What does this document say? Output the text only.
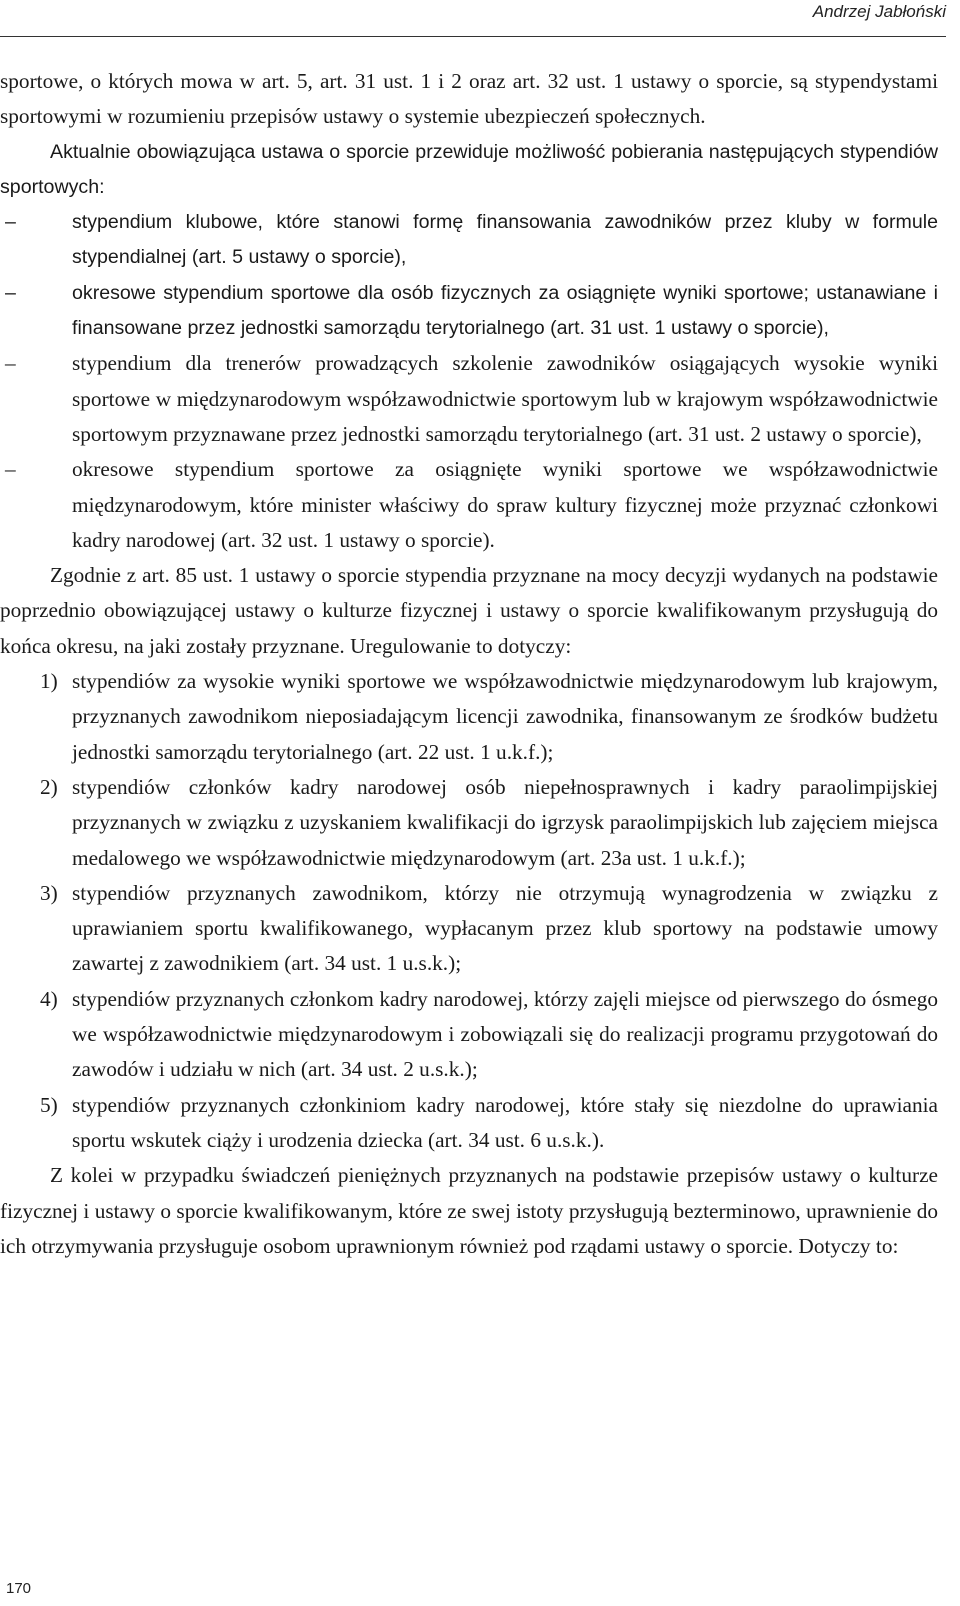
Andrzej Jabłoński

sportowe, o których mowa w art. 5, art. 31 ust. 1 i 2 oraz art. 32 ust. 1 ustawy o sporcie, są stypendystami sportowymi w rozumieniu przepisów ustawy o systemie ubezpieczeń społecznych.

Aktualnie obowiązująca ustawa o sporcie przewiduje możliwość pobierania następujących stypendiów sportowych:

–	stypendium klubowe, które stanowi formę finansowania zawodników przez kluby w formule stypendialnej (art. 5 ustawy o sporcie),
–	okresowe stypendium sportowe dla osób fizycznych za osiągnięte wyniki sportowe; ustanawiane i finansowane przez jednostki samorządu terytorialnego (art. 31 ust. 1 ustawy o sporcie),
–	stypendium dla trenerów prowadzących szkolenie zawodników osiągających wysokie wyniki sportowe w międzynarodowym współzawodnictwie sportowym lub w krajowym współzawodnictwie sportowym przyznawane przez jednostki samorządu terytorialnego (art. 31 ust. 2 ustawy o sporcie),
–	okresowe stypendium sportowe za osiągnięte wyniki sportowe we współzawodnictwie międzynarodowym, które minister właściwy do spraw kultury fizycznej może przyznać członkowi kadry narodowej (art. 32 ust. 1 ustawy o sporcie).

Zgodnie z art. 85 ust. 1 ustawy o sporcie stypendia przyznane na mocy decyzji wydanych na podstawie poprzednio obowiązującej ustawy o kulturze fizycznej i ustawy o sporcie kwalifikowanym przysługują do końca okresu, na jaki zostały przyznane. Uregulowanie to dotyczy:

1) stypendiów za wysokie wyniki sportowe we współzawodnictwie międzynarodowym lub krajowym, przyznanych zawodnikom nieposiadającym licencji zawodnika, finansowanym ze środków budżetu jednostki samorządu terytorialnego (art. 22 ust. 1 u.k.f.);
2) stypendiów członków kadry narodowej osób niepełnosprawnych i kadry paraolimpijskiej przyznanych w związku z uzyskaniem kwalifikacji do igrzysk paraolimpijskich lub zajęciem miejsca medalowego we współzawodnictwie międzynarodowym (art. 23a ust. 1 u.k.f.);
3) stypendiów przyznanych zawodnikom, którzy nie otrzymują wynagrodzenia w związku z uprawianiem sportu kwalifikowanego, wypłacanym przez klub sportowy na podstawie umowy zawartej z zawodnikiem (art. 34 ust. 1 u.s.k.);
4) stypendiów przyznanych członkom kadry narodowej, którzy zajęli miejsce od pierwszego do ósmego we współzawodnictwie międzynarodowym i zobowiązali się do realizacji programu przygotowań do zawodów i udziału w nich (art. 34 ust. 2 u.s.k.);
5) stypendiów przyznanych członkiniom kadry narodowej, które stały się niezdolne do uprawiania sportu wskutek ciąży i urodzenia dziecka (art. 34 ust. 6 u.s.k.).

Z kolei w przypadku świadczeń pieniężnych przyznanych na podstawie przepisów ustawy o kulturze fizycznej i ustawy o sporcie kwalifikowanym, które ze swej istoty przysługują bezterminowo, uprawnienie do ich otrzymywania przysługuje osobom uprawnionym również pod rządami ustawy o sporcie. Dotyczy to:

170
